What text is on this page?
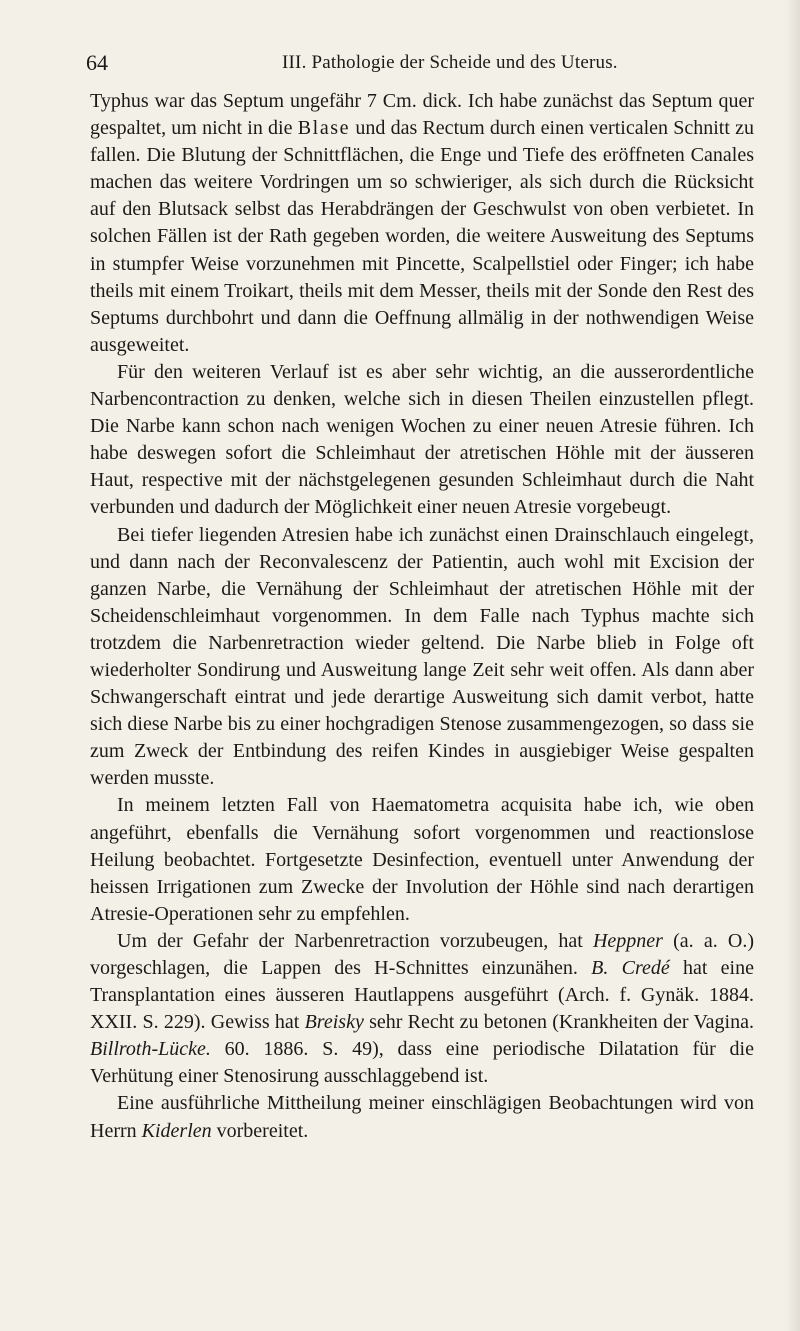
64	III. Pathologie der Scheide und des Uterus.

Typhus war das Septum ungefähr 7 Cm. dick. Ich habe zunächst das Septum quer gespaltet, um nicht in die Blase und das Rectum durch einen verticalen Schnitt zu fallen. Die Blutung der Schnittflächen, die Enge und Tiefe des eröffneten Canales machen das weitere Vordringen um so schwieriger, als sich durch die Rücksicht auf den Blutsack selbst das Herabdrängen der Geschwulst von oben verbietet. In solchen Fällen ist der Rath gegeben worden, die weitere Ausweitung des Septums in stumpfer Weise vorzunehmen mit Pincette, Scalpellstiel oder Finger; ich habe theils mit einem Troikart, theils mit dem Messer, theils mit der Sonde den Rest des Septums durchbohrt und dann die Oeffnung allmälig in der nothwendigen Weise ausgeweitet.

Für den weiteren Verlauf ist es aber sehr wichtig, an die ausserordentliche Narbencontraction zu denken, welche sich in diesen Theilen einzustellen pflegt. Die Narbe kann schon nach wenigen Wochen zu einer neuen Atresie führen. Ich habe deswegen sofort die Schleimhaut der atretischen Höhle mit der äusseren Haut, respective mit der nächstgelegenen gesunden Schleimhaut durch die Naht verbunden und dadurch der Möglichkeit einer neuen Atresie vorgebeugt.

Bei tiefer liegenden Atresien habe ich zunächst einen Drainschlauch eingelegt, und dann nach der Reconvalescenz der Patientin, auch wohl mit Excision der ganzen Narbe, die Vernähung der Schleimhaut der atretischen Höhle mit der Scheidenschleimhaut vorgenommen. In dem Falle nach Typhus machte sich trotzdem die Narbenretraction wieder geltend. Die Narbe blieb in Folge oft wiederholter Sondirung und Ausweitung lange Zeit sehr weit offen. Als dann aber Schwangerschaft eintrat und jede derartige Ausweitung sich damit verbot, hatte sich diese Narbe bis zu einer hochgradigen Stenose zusammengezogen, so dass sie zum Zweck der Entbindung des reifen Kindes in ausgiebiger Weise gespalten werden musste.

In meinem letzten Fall von Haematometra acquisita habe ich, wie oben angeführt, ebenfalls die Vernähung sofort vorgenommen und reactionslose Heilung beobachtet. Fortgesetzte Desinfection, eventuell unter Anwendung der heissen Irrigationen zum Zwecke der Involution der Höhle sind nach derartigen Atresie-Operationen sehr zu empfehlen.

Um der Gefahr der Narbenretraction vorzubeugen, hat Heppner (a. a. O.) vorgeschlagen, die Lappen des H-Schnittes einzunähen. B. Credé hat eine Transplantation eines äusseren Hautlappens ausgeführt (Arch. f. Gynäk. 1884. XXII. S. 229). Gewiss hat Breisky sehr Recht zu betonen (Krankheiten der Vagina. Billroth-Lücke. 60. 1886. S. 49), dass eine periodische Dilatation für die Verhütung einer Stenosirung ausschlaggebend ist.

Eine ausführliche Mittheilung meiner einschlägigen Beobachtungen wird von Herrn Kiderlen vorbereitet.
